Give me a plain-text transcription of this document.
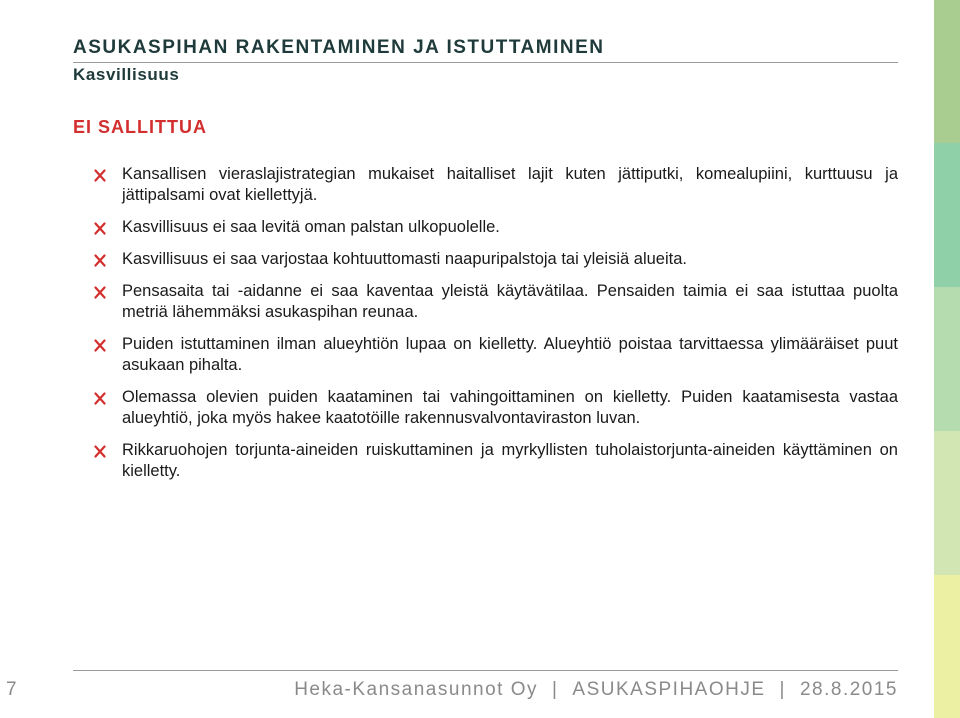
ASUKASPIHAN RAKENTAMINEN JA ISTUTTAMINEN
Kasvillisuus
EI SALLITTUA
Kansallisen vieraslajistrategian mukaiset haitalliset lajit kuten jättiputki, komealupiini, kurttuusu ja jättipalsami ovat kiellettyjä.
Kasvillisuus ei saa levitä oman palstan ulkopuolelle.
Kasvillisuus ei saa varjostaa kohtuuttomasti naapuripalstoja tai yleisiä alueita.
Pensasaita tai -aidanne ei saa kaventaa yleistä käytävätilaa. Pensaiden taimia ei saa istuttaa puolta metriä lähemmäksi asukaspihan reunaa.
Puiden istuttaminen ilman alueyhtiön lupaa on kielletty. Alueyhtiö poistaa tarvittaessa ylimääräiset puut asukaan pihalta.
Olemassa olevien puiden kaataminen tai vahingoittaminen on kielletty. Puiden kaatamisesta vastaa alueyhtiö, joka myös hakee kaatotöille rakennusvalvontaviraston luvan.
Rikkaruohojen torjunta-aineiden ruiskuttaminen ja myrkyllisten tuholaistorjunta-aineiden käyttäminen on kielletty.
7	Heka-Kansanasunnot Oy | ASUKASPIHAOHJE | 28.8.2015
